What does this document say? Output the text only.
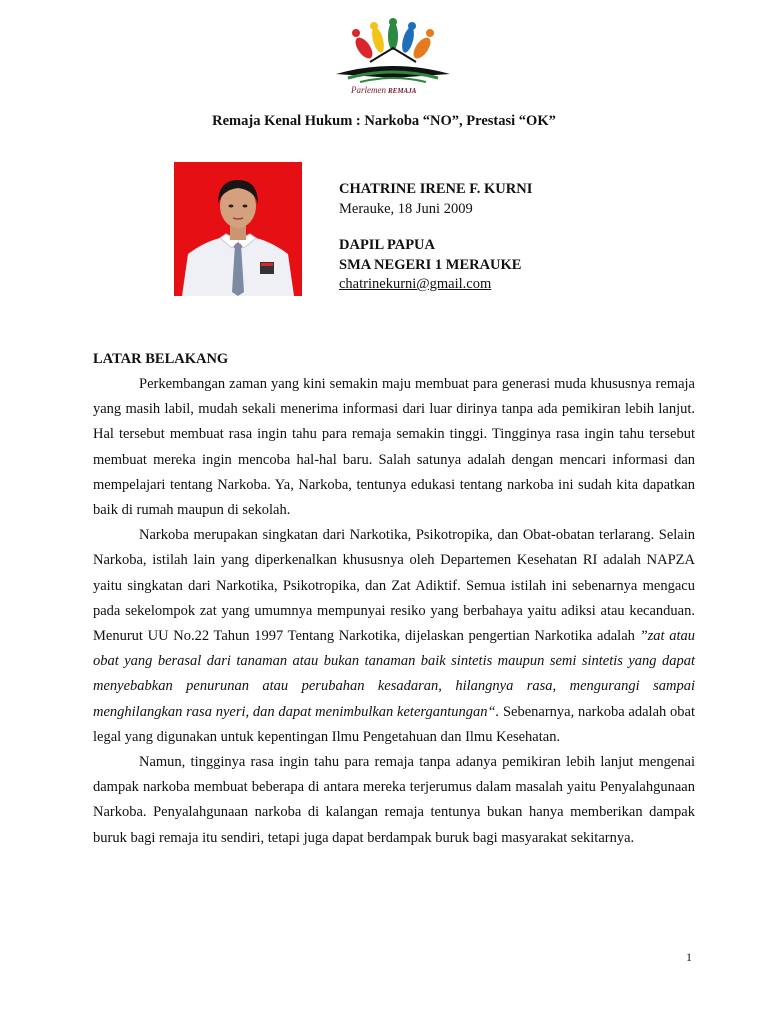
Parlemen REMAJA
Remaja Kenal Hukum : Narkoba “NO”, Prestasi “OK”
CHATRINE IRENE F. KURNI
Merauke, 18 Juni 2009
DAPIL PAPUA
SMA NEGERI 1 MERAUKE
chatrinekurni@gmail.com
LATAR BELAKANG

Perkembangan zaman yang kini semakin maju membuat para generasi muda khususnya remaja yang masih labil, mudah sekali menerima informasi dari luar dirinya tanpa ada pemikiran lebih lanjut. Hal tersebut membuat rasa ingin tahu para remaja semakin tinggi. Tingginya rasa ingin tahu tersebut membuat mereka ingin mencoba hal-hal baru. Salah satunya adalah dengan mencari informasi dan mempelajari tentang Narkoba. Ya, Narkoba, tentunya edukasi tentang narkoba ini sudah kita dapatkan baik di rumah maupun di sekolah.

Narkoba merupakan singkatan dari Narkotika, Psikotropika, dan Obat-obatan terlarang. Selain Narkoba, istilah lain yang diperkenalkan khususnya oleh Departemen Kesehatan RI adalah NAPZA yaitu singkatan dari Narkotika, Psikotropika, dan Zat Adiktif. Semua istilah ini sebenarnya mengacu pada sekelompok zat yang umumnya mempunyai resiko yang berbahaya yaitu adiksi atau kecanduan. Menurut UU No.22 Tahun 1997 Tentang Narkotika, dijelaskan pengertian Narkotika adalah ”zat atau obat yang berasal dari tanaman atau bukan tanaman baik sintetis maupun semi sintetis yang dapat menyebabkan penurunan atau perubahan kesadaran, hilangnya rasa, mengurangi sampai menghilangkan rasa nyeri, dan dapat menimbulkan ketergantungan“. Sebenarnya, narkoba adalah obat legal yang digunakan untuk kepentingan Ilmu Pengetahuan dan Ilmu Kesehatan.

Namun, tingginya rasa ingin tahu para remaja tanpa adanya pemikiran lebih lanjut mengenai dampak narkoba membuat beberapa di antara mereka terjerumus dalam masalah yaitu Penyalahgunaan Narkoba. Penyalahgunaan narkoba di kalangan remaja tentunya bukan hanya memberikan dampak buruk bagi remaja itu sendiri, tetapi juga dapat berdampak buruk bagi masyarakat sekitarnya.

1
